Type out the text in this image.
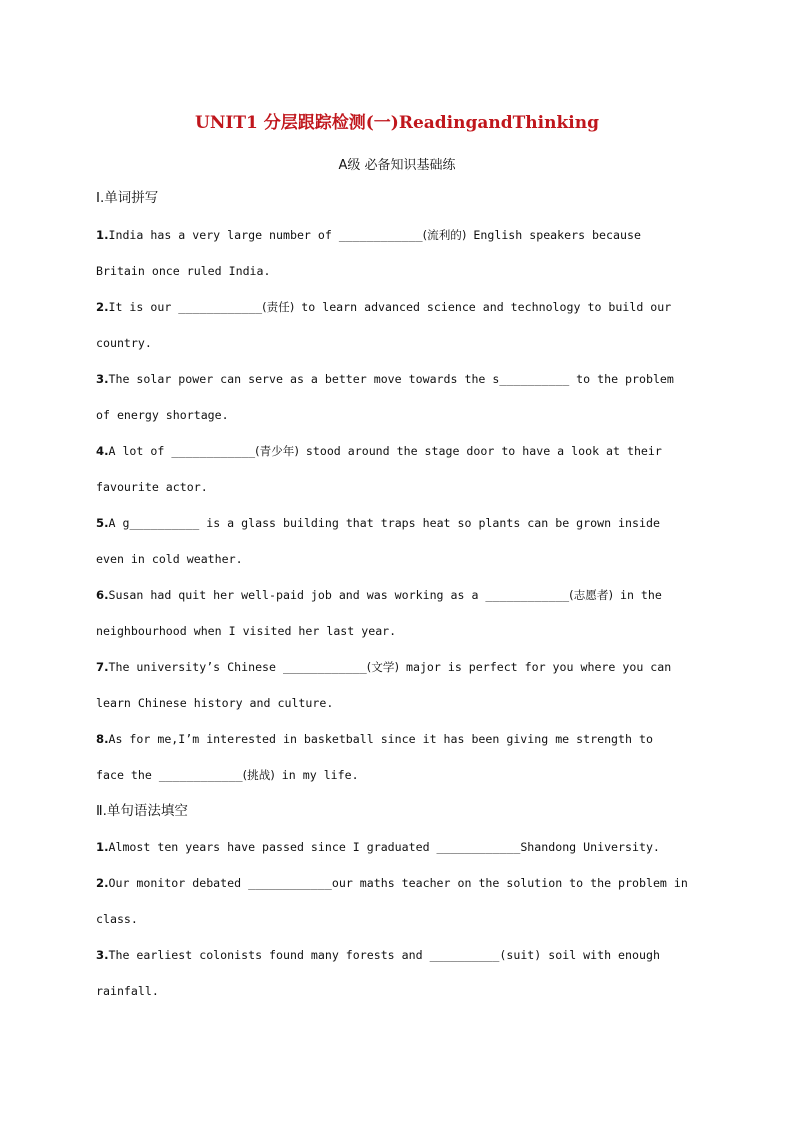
UNIT1 分层跟踪检测(一)ReadingandThinking
A级 必备知识基础练
Ⅰ.单词拼写
1.India has a very large number of ____________(流利的) English speakers because
Britain once ruled India.
2.It is our ____________(责任) to learn advanced science and technology to build our
country.
3.The solar power can serve as a better move towards the s__________ to the problem
of energy shortage.
4.A lot of ____________(青少年) stood around the stage door to have a look at their
favourite actor.
5.A g__________ is a glass building that traps heat so plants can be grown inside
even in cold weather.
6.Susan had quit her well-paid job and was working as a ____________(志愿者) in the
neighbourhood when I visited her last year.
7.The university’s Chinese ____________(文学) major is perfect for you where you can
learn Chinese history and culture.
8.As for me,I’m interested in basketball since it has been giving me strength to
face the ____________(挑战) in my life.
Ⅱ.单句语法填空
1.Almost ten years have passed since I graduated ____________Shandong University.
2.Our monitor debated ____________our maths teacher on the solution to the problem in
class.
3.The earliest colonists found many forests and __________(suit) soil with enough
rainfall.
